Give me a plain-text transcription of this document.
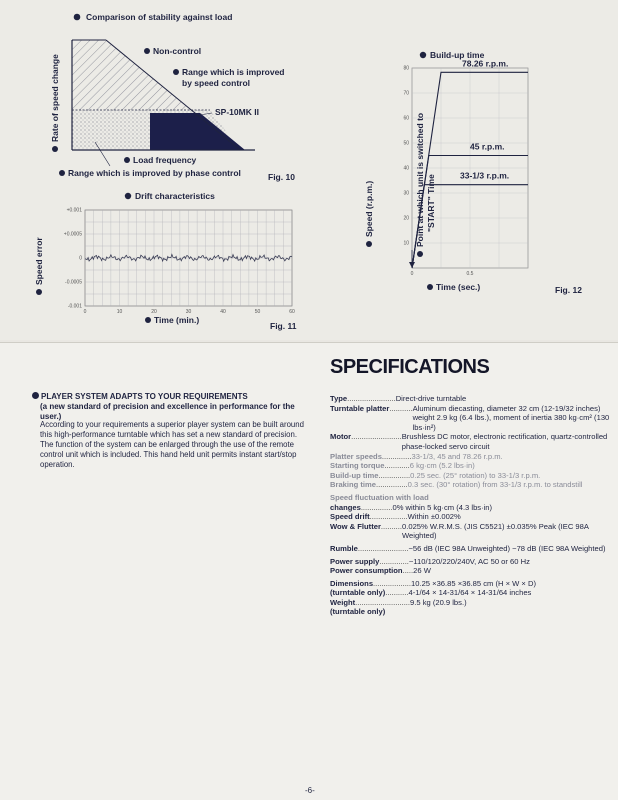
Comparison of stability against load
Non-control
Range which is improved
by speed control
SP-10MK II
Load frequency
Range which is improved by phase control	Fig. 10
Rate of speed change
Drift characteristics
+0.001
+0.0005
0
-0.0005
-0.001
0	10	20	30	40	50	60
Speed error
Time (min.)
Fig. 11
Build-up time
78.26 r.p.m.
45 r.p.m.
33-1/3 r.p.m.
10
20
30
40
50
60
70
80
0	0.5
Speed (r.p.m.)	Point at which unit is switched to "START" Time
Time (sec.)	Fig. 12
PLAYER SYSTEM ADAPTS TO YOUR REQUIREMENTS
(a new standard of precision and excellence in performance for the user.)
According to your requirements a superior player system can be built around this high-performance turntable which has set a new standard of precision. The function of the system can be enlarged through the use of the remote control unit which is included. This hand held unit permits instant start/stop operation.
SPECIFICATIONS
Type ....................... Direct-drive turntable
Turntable platter ........... Aluminum diecasting, diameter 32 cm (12-19/32 inches) weight 2.9 kg (6.4 lbs.), moment of inertia 380 kg·cm² (130 lbs·in²)
Motor ........................ Brushless DC motor, electronic rectification, quartz-controlled phase-locked servo circuit
Platter speeds .............. 33-1/3, 45 and 78.26 r.p.m.
Starting torque ............ 6 kg·cm (5.2 lbs·in)
Build-up time ............... 0.25 sec. (25° rotation) to 33-1/3 r.p.m.
Braking time ............... 0.3 sec. (30° rotation) from 33-1/3 r.p.m. to standstill
Speed fluctuation with load
changes ............... 0% within 5 kg·cm (4.3 lbs·in)
Speed drift .................. Within ±0.002%
Wow & Flutter .......... 0.025% W.R.M.S. (JIS C5521) ±0.035% Peak (IEC 98A Weighted)
Rumble ........................ −56 dB (IEC 98A Unweighted) −78 dB (IEC 98A Weighted)
Power supply .............. ~110/120/220/240V, AC 50 or 60 Hz
Power consumption ..... 26 W
Dimensions .................. 10.25 ×36.85 ×36.85 cm (H × W × D)
(turntable only) ........... 4-1/64 × 14-31/64 × 14-31/64 inches
Weight .......................... 9.5 kg (20.9 lbs.)
(turntable only)
-6-
